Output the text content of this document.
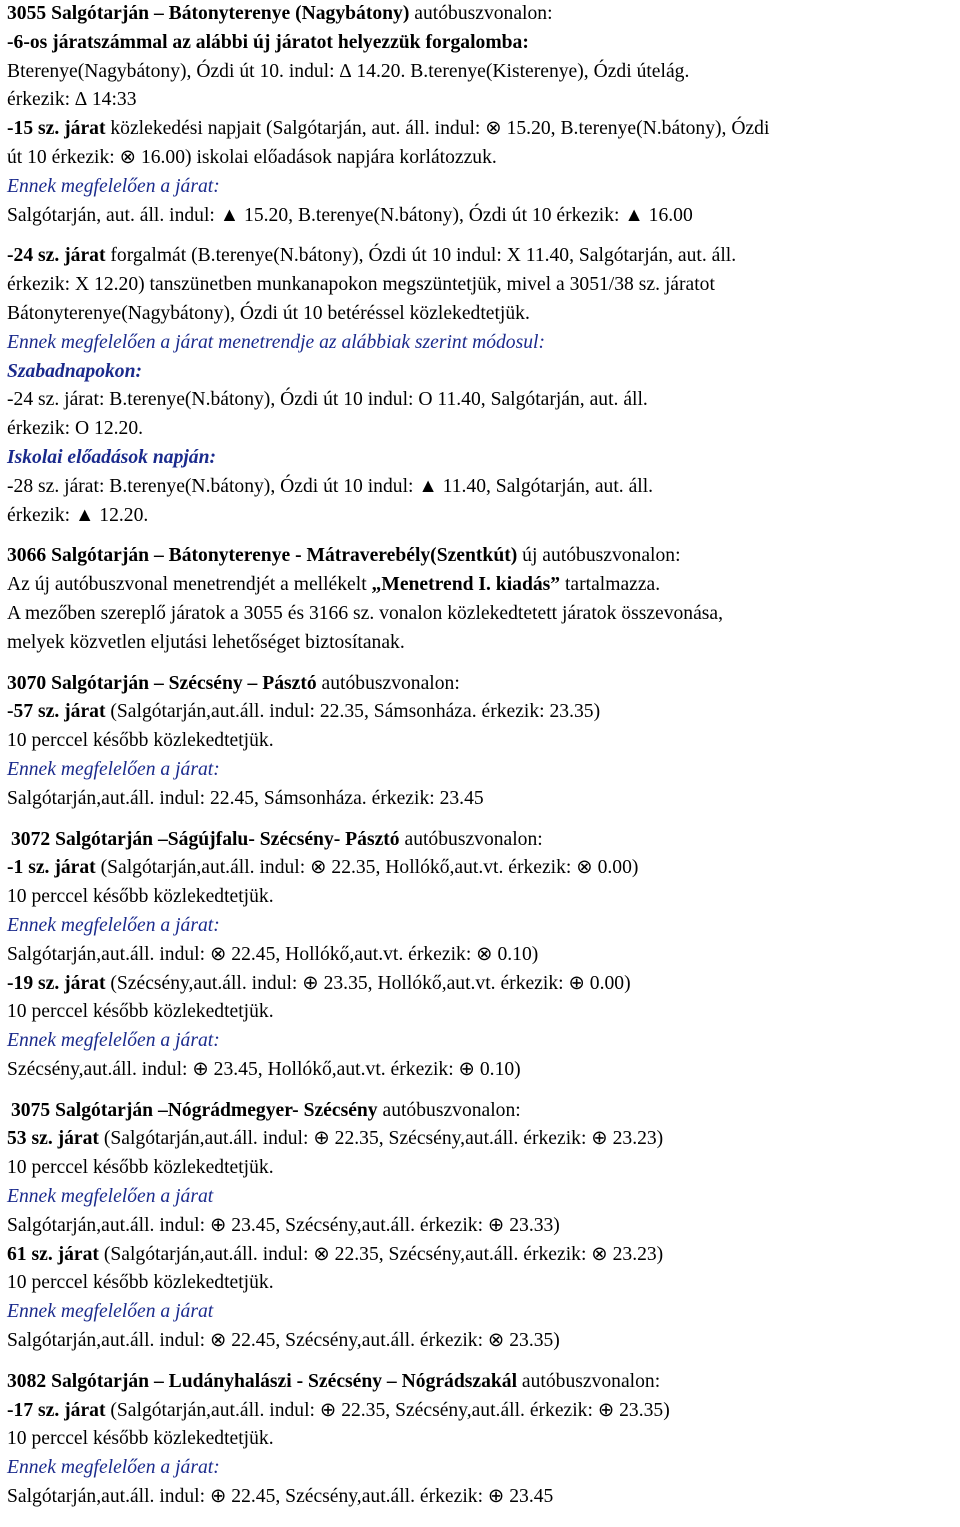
3055 Salgótarján – Bátonyterenye (Nagybátony) autóbuszvonalon:
-6-os járatszámmal az alábbi új járatot helyezzük forgalomba:
Bterenye(Nagybátony), Ózdi út 10. indul: ∆ 14.20. B.terenye(Kisterenye), Ózdi útelág.
érkezik: ∆ 14:33
-15 sz. járat közlekedési napjait (Salgótarján, aut. áll. indul: ⊗ 15.20, B.terenye(N.bátony), Ózdi
út 10 érkezik: ⊗ 16.00) iskolai előadások napjára korlátozzuk.
Ennek megfelelően a járat:
Salgótarján, aut. áll. indul: ▲ 15.20, B.terenye(N.bátony), Ózdi út 10 érkezik: ▲ 16.00
-24 sz. járat forgalmát (B.terenye(N.bátony), Ózdi út 10 indul: X 11.40, Salgótarján, aut. áll.
érkezik: X 12.20) tanszünetben munkanapokon megszüntetjük, mivel a 3051/38 sz. járatot
Bátonyterenye(Nagybátony), Ózdi út 10 betéréssel közlekedtetjük.
Ennek megfelelően a járat menetrendje az alábbiak szerint módosul:
Szabadnapokon:
-24 sz. járat: B.terenye(N.bátony), Ózdi út 10 indul: O 11.40, Salgótarján, aut. áll.
érkezik: O 12.20.
Iskolai előadások napján:
-28 sz. járat: B.terenye(N.bátony), Ózdi út 10 indul: ▲ 11.40, Salgótarján, aut. áll.
érkezik: ▲ 12.20.
3066 Salgótarján – Bátonyterenye - Mátraverebély(Szentkút) új autóbuszvonalon:
Az új autóbuszvonal menetrendjét a mellékelt „Menetrend I. kiadás” tartalmazza.
A mezőben szereplő járatok a 3055 és 3166 sz. vonalon közlekedtetett járatok összevonása,
melyek közvetlen eljutási lehetőséget biztosítanak.
3070 Salgótarján – Szécsény – Pásztó autóbuszvonalon:
-57 sz. járat (Salgótarján,aut.áll. indul: 22.35, Sámsonháza. érkezik: 23.35)
10 perccel később közlekedtetjük.
Ennek megfelelően a járat:
Salgótarján,aut.áll. indul: 22.45, Sámsonháza. érkezik: 23.45
3072 Salgótarján –Ságújfalu- Szécsény- Pásztó autóbuszvonalon:
-1 sz. járat (Salgótarján,aut.áll. indul: ⊗ 22.35, Hollókő,aut.vt. érkezik: ⊗ 0.00)
10 perccel később közlekedtetjük.
Ennek megfelelően a járat:
Salgótarján,aut.áll. indul: ⊗ 22.45, Hollókő,aut.vt. érkezik: ⊗ 0.10)
-19 sz. járat (Szécsény,aut.áll. indul: ⊕ 23.35, Hollókő,aut.vt. érkezik: ⊕ 0.00)
10 perccel később közlekedtetjük.
Ennek megfelelően a járat:
Szécsény,aut.áll. indul: ⊕ 23.45, Hollókő,aut.vt. érkezik: ⊕ 0.10)
3075 Salgótarján –Nógrádmegyer- Szécsény autóbuszvonalon:
53 sz. járat (Salgótarján,aut.áll. indul: ⊕ 22.35, Szécsény,aut.áll. érkezik: ⊕ 23.23)
10 perccel később közlekedtetjük.
Ennek megfelelően a járat
Salgótarján,aut.áll. indul: ⊕ 23.45, Szécsény,aut.áll. érkezik: ⊕ 23.33)
61 sz. járat (Salgótarján,aut.áll. indul: ⊗ 22.35, Szécsény,aut.áll. érkezik: ⊗ 23.23)
10 perccel később közlekedtetjük.
Ennek megfelelően a járat
Salgótarján,aut.áll. indul: ⊗ 22.45, Szécsény,aut.áll. érkezik: ⊗ 23.35)
3082 Salgótarján – Ludányhalászi - Szécsény – Nógrádszakál autóbuszvonalon:
-17 sz. járat (Salgótarján,aut.áll. indul: ⊕ 22.35, Szécsény,aut.áll. érkezik: ⊕ 23.35)
10 perccel később közlekedtetjük.
Ennek megfelelően a járat:
Salgótarján,aut.áll. indul: ⊕ 22.45, Szécsény,aut.áll. érkezik: ⊕ 23.45
